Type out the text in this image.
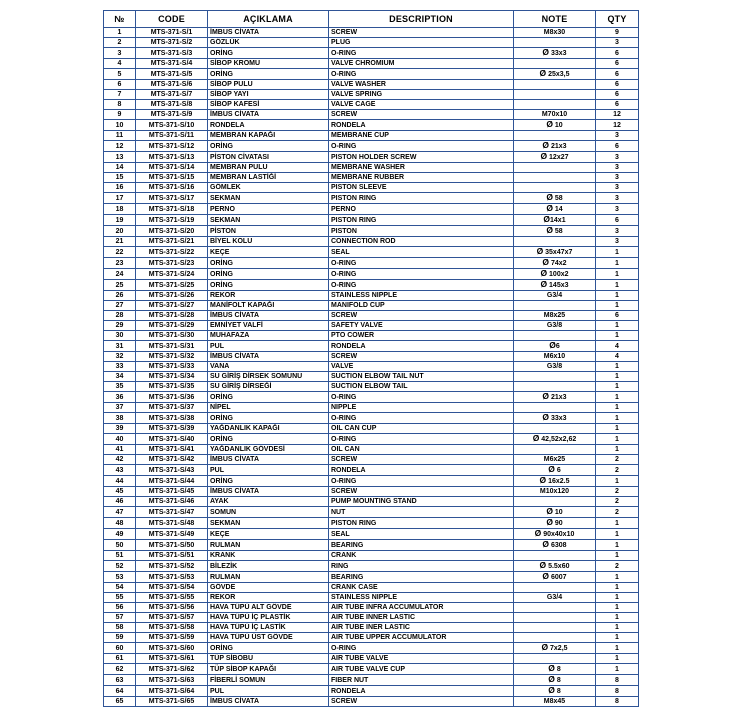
№	CODE	AÇIKLAMA	DESCRIPTION	NOTE	QTY
1	MTS-371-S/1	İMBUS CİVATA	SCREW	M8x30	9
2	MTS-371-S/2	GÖZLÜK	PLUG		3
3	MTS-371-S/3	ORİNG	O-RING	Ø 33x3	6
4	MTS-371-S/4	SİBOP KROMU	VALVE CHROMIUM		6
5	MTS-371-S/5	ORİNG	O-RING	Ø 25x3,5	6
6	MTS-371-S/6	SİBOP PULU	VALVE WASHER		6
7	MTS-371-S/7	SİBOP YAYI	VALVE SPRING		6
8	MTS-371-S/8	SİBOP KAFESİ	VALVE CAGE		6
9	MTS-371-S/9	İMBUS CİVATA	SCREW	M70x10	12
10	MTS-371-S/10	RONDELA	RONDELA	Ø 10	12
11	MTS-371-S/11	MEMBRAN KAPAĞI	MEMBRANE CUP		3
12	MTS-371-S/12	ORİNG	O-RING	Ø 21x3	6
13	MTS-371-S/13	PİSTON CİVATASI	PISTON HOLDER SCREW	Ø 12x27	3
14	MTS-371-S/14	MEMBRAN PULU	MEMBRANE WASHER		3
15	MTS-371-S/15	MEMBRAN LASTİĞİ	MEMBRANE RUBBER		3
16	MTS-371-S/16	GÖMLEK	PISTON SLEEVE		3
17	MTS-371-S/17	SEKMAN	PISTON RING	Ø 58	3
18	MTS-371-S/18	PERNO	PERNO	Ø 14	3
19	MTS-371-S/19	SEKMAN	PISTON RING	Ø14x1	6
20	MTS-371-S/20	PİSTON	PISTON	Ø 58	3
21	MTS-371-S/21	BİYEL KOLU	CONNECTION ROD		3
22	MTS-371-S/22	KEÇE	SEAL	Ø 35x47x7	1
23	MTS-371-S/23	ORİNG	O-RING	Ø 74x2	1
24	MTS-371-S/24	ORİNG	O-RING	Ø 100x2	1
25	MTS-371-S/25	ORİNG	O-RING	Ø 145x3	1
26	MTS-371-S/26	REKOR	STAINLESS NIPPLE	G3/4	1
27	MTS-371-S/27	MANİFOLT KAPAĞI	MANIFOLD CUP		1
28	MTS-371-S/28	İMBUS CİVATA	SCREW	M8x25	6
29	MTS-371-S/29	EMNİYET VALFİ	SAFETY VALVE	G3/8	1
30	MTS-371-S/30	MUHAFAZA	PTO COWER		1
31	MTS-371-S/31	PUL	RONDELA	Ø6	4
32	MTS-371-S/32	İMBUS CİVATA	SCREW	M6x10	4
33	MTS-371-S/33	VANA	VALVE	G3/8	1
34	MTS-371-S/34	SU GİRİŞ DİRSEK SOMUNU	SUCTION ELBOW TAIL NUT		1
35	MTS-371-S/35	SU GİRİŞ DİRSEĞİ	SUCTION ELBOW TAIL		1
36	MTS-371-S/36	ORİNG	O-RING	Ø 21x3	1
37	MTS-371-S/37	NİPEL	NIPPLE		1
38	MTS-371-S/38	ORİNG	O-RING	Ø 33x3	1
39	MTS-371-S/39	YAĞDANLIK KAPAĞI	OIL CAN CUP		1
40	MTS-371-S/40	ORİNG	O-RING	Ø 42,52x2,62	1
41	MTS-371-S/41	YAĞDANLIK GÖVDESİ	OIL CAN		1
42	MTS-371-S/42	İMBUS CİVATA	SCREW	M6x25	2
43	MTS-371-S/43	PUL	RONDELA	Ø 6	2
44	MTS-371-S/44	ORİNG	O-RING	Ø 16x2.5	1
45	MTS-371-S/45	İMBUS CİVATA	SCREW	M10x120	2
46	MTS-371-S/46	AYAK	PUMP MOUNTING STAND		2
47	MTS-371-S/47	SOMUN	NUT	Ø 10	2
48	MTS-371-S/48	SEKMAN	PISTON RING	Ø 90	1
49	MTS-371-S/49	KEÇE	SEAL	Ø 90x40x10	1
50	MTS-371-S/50	RULMAN	BEARING	Ø 6308	1
51	MTS-371-S/51	KRANK	CRANK		1
52	MTS-371-S/52	BİLEZİK	RING	Ø 5.5x60	2
53	MTS-371-S/53	RULMAN	BEARING	Ø 6007	1
54	MTS-371-S/54	GÖVDE	CRANK CASE		1
55	MTS-371-S/55	REKOR	STAINLESS NIPPLE	G3/4	1
56	MTS-371-S/56	HAVA TÜPÜ ALT GÖVDE	AIR TUBE INFRA ACCUMULATOR		1
57	MTS-371-S/57	HAVA TÜPÜ İÇ PLASTİK	AIR TUBE INNER LASTIC		1
58	MTS-371-S/58	HAVA TÜPÜ İÇ LASTİK	AIR TUBE INER LASTIC		1
59	MTS-371-S/59	HAVA TÜPÜ ÜST GÖVDE	AIR TUBE UPPER ACCUMULATOR		1
60	MTS-371-S/60	ORİNG	O-RING	Ø 7x2,5	1
61	MTS-371-S/61	TÜP SİBOBU	AIR TUBE VALVE		1
62	MTS-371-S/62	TÜP SİBOP KAPAĞI	AIR TUBE VALVE CUP	Ø 8	1
63	MTS-371-S/63	FİBERLİ SOMUN	FIBER NUT	Ø 8	8
64	MTS-371-S/64	PUL	RONDELA	Ø 8	8
65	MTS-371-S/65	İMBUS CİVATA	SCREW	M8x45	8
